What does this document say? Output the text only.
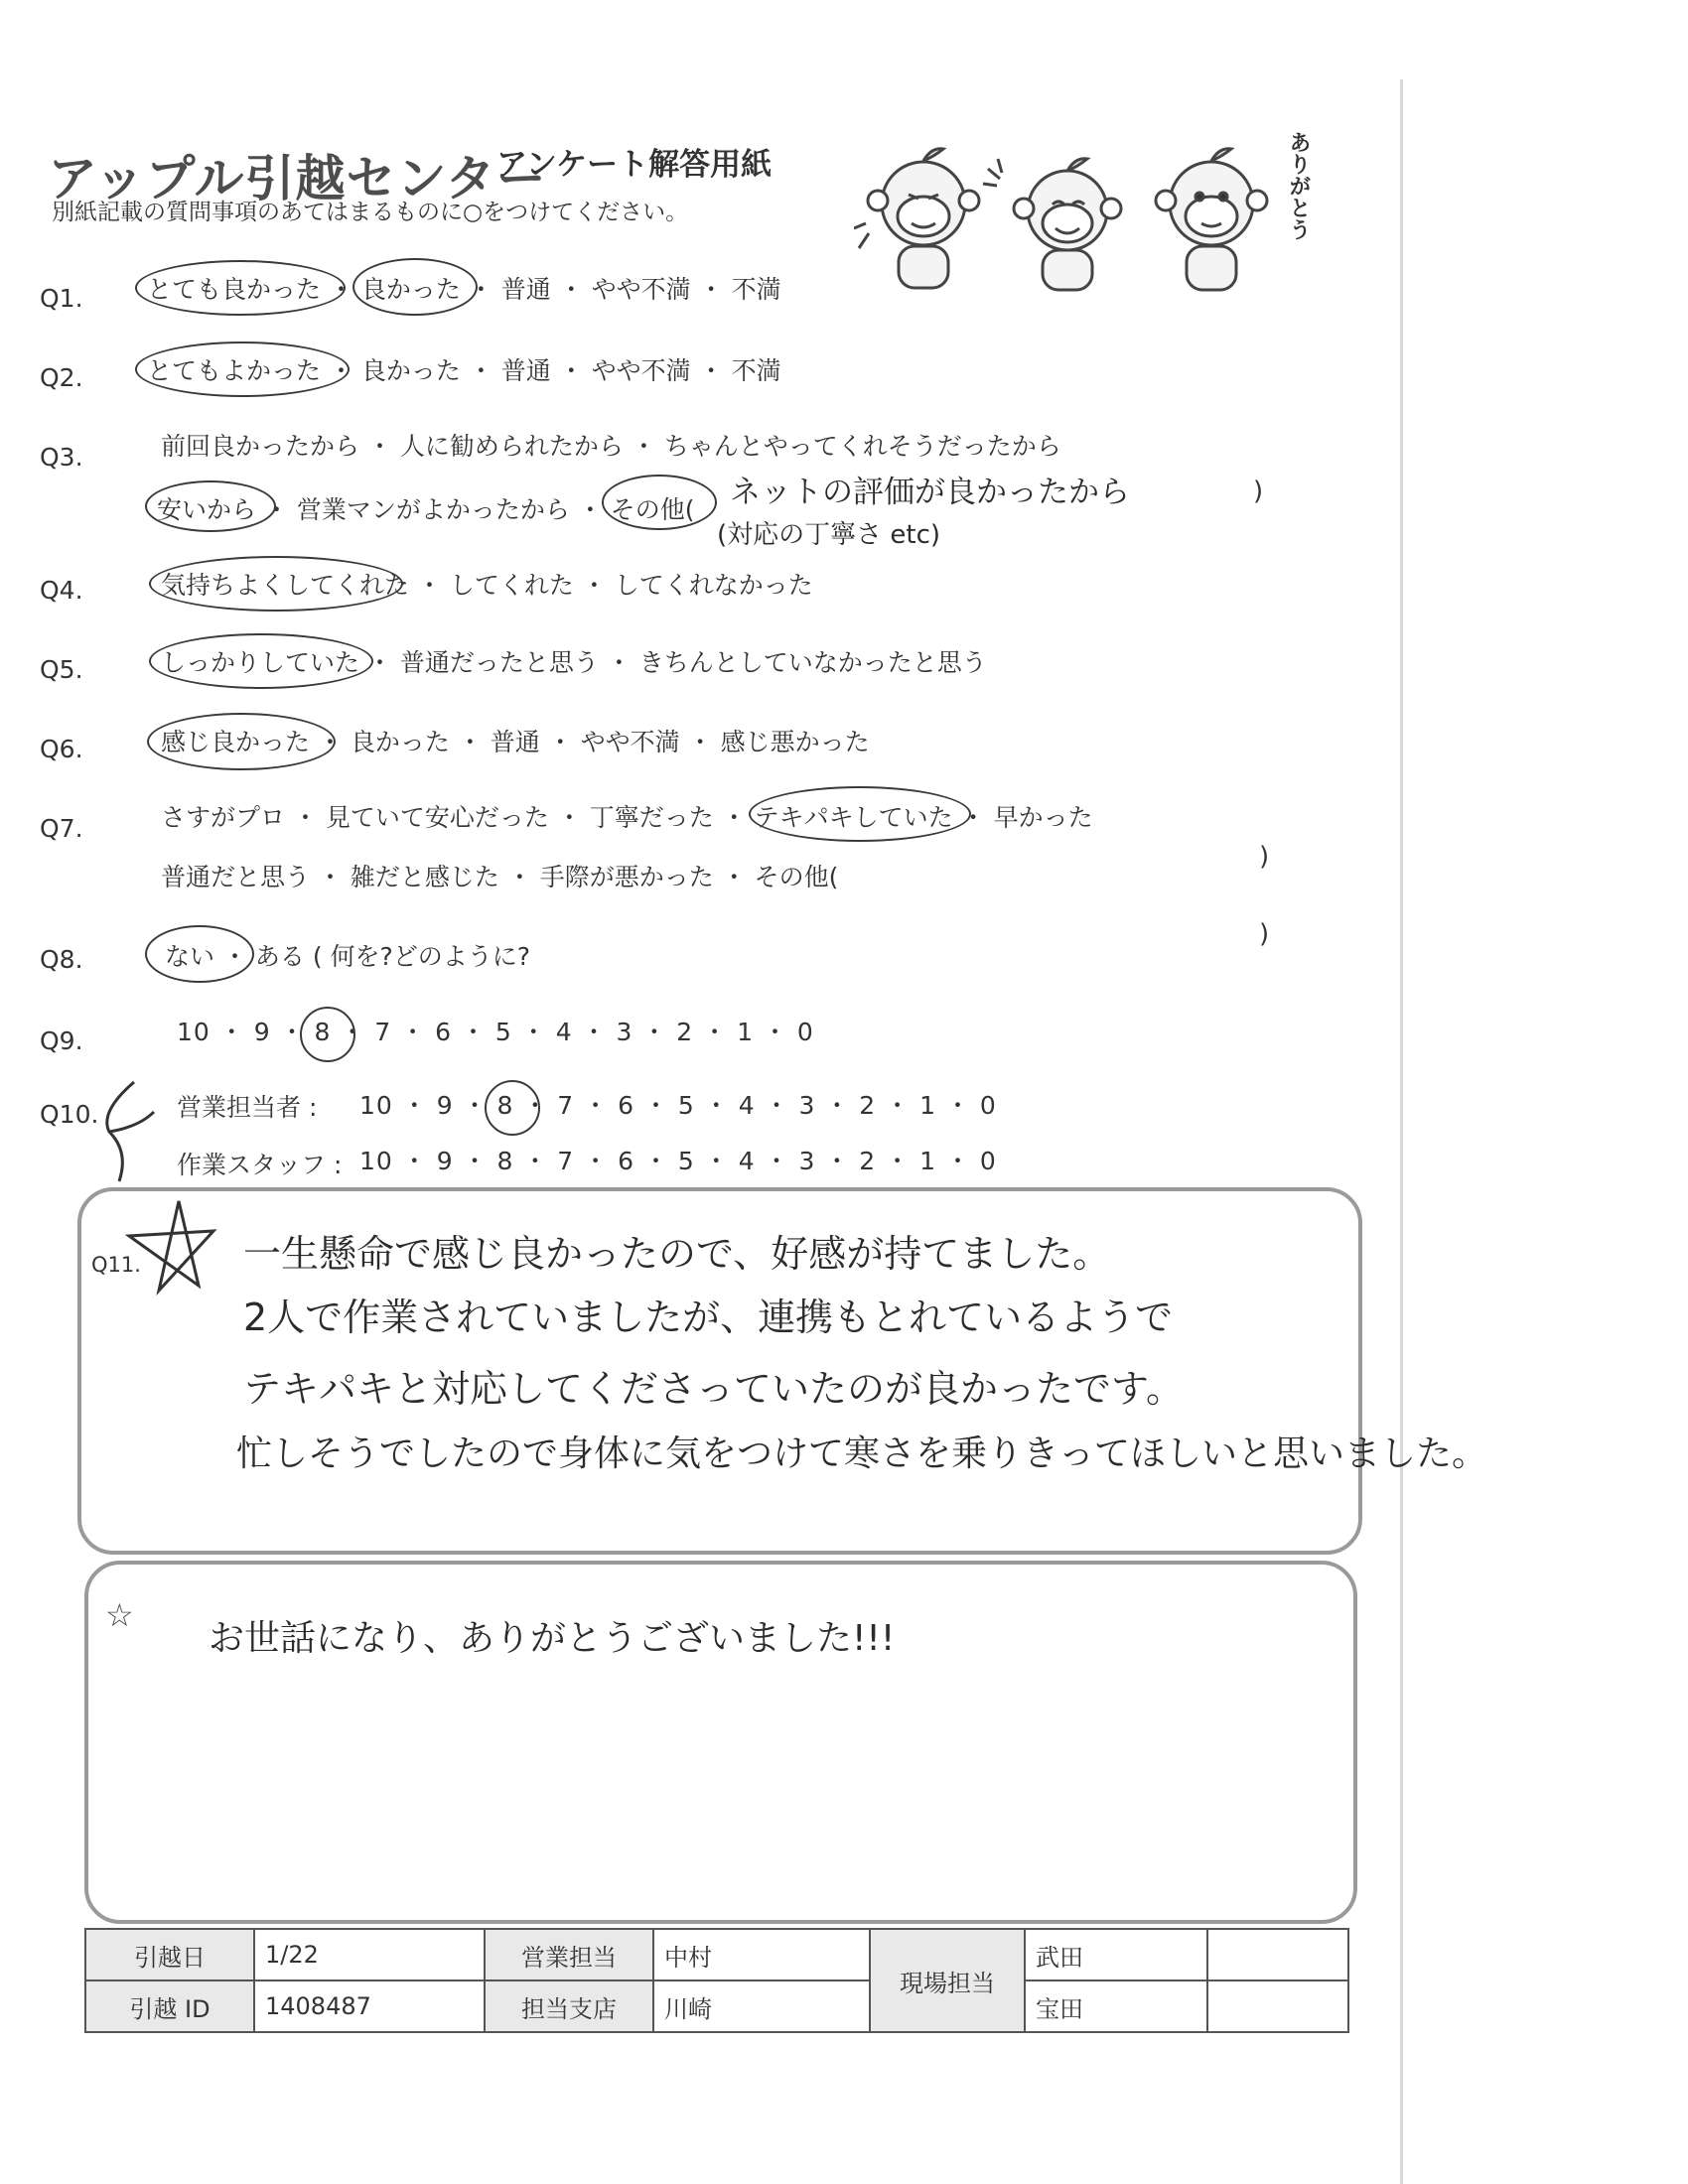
アップル引越センター
アンケート解答用紙
別紙記載の質問事項のあてはまるものに○をつけてください。	ありがとう
Q1.	とても良かった ・ 良かった ・ 普通 ・ やや不満 ・ 不満
Q2.	とてもよかった ・ 良かった ・ 普通 ・ やや不満 ・ 不満
Q3.	前回良かったから ・ 人に勧められたから ・ ちゃんとやってくれそうだったから
安いから ・ 営業マンがよかったから ・ その他( ネットの評価が良かったから
(対応の丁寧さ etc)
)
Q4.	気持ちよくしてくれた ・ してくれた ・ してくれなかった
Q5.	しっかりしていた ・ 普通だったと思う ・ きちんとしていなかったと思う
Q6.	感じ良かった ・ 良かった ・ 普通 ・ やや不満 ・ 感じ悪かった
Q7.	さすがプロ ・ 見ていて安心だった ・ 丁寧だった ・ テキパキしていた ・ 早かった
普通だと思う ・ 雑だと感じた ・ 手際が悪かった ・ その他(
)
Q8.	ない ・ ある ( 何を?どのように?
)
Q9.	10 ・ 9 ・ 8 ・ 7 ・ 6 ・ 5 ・ 4 ・ 3 ・ 2 ・ 1 ・ 0
Q10.	営業担当者 : 10 ・ 9 ・ 8 ・ 7 ・ 6 ・ 5 ・ 4 ・ 3 ・ 2 ・ 1 ・ 0
作業スタッフ : 10 ・ 9 ・ 8 ・ 7 ・ 6 ・ 5 ・ 4 ・ 3 ・ 2 ・ 1 ・ 0
Q11.	一生懸命で感じ良かったので、好感が持てました。
2人で作業されていましたが、連携もとれているようで
テキパキと対応してくださっていたのが良かったです。
忙しそうでしたので身体に気をつけて寒さを乗りきってほしいと思いました。
☆
お世話になり、ありがとうございました!!!
引越日	1/22	営業担当	中村	現場担当	武田	
引越 ID	1408487	担当支店	川崎		宝田	
